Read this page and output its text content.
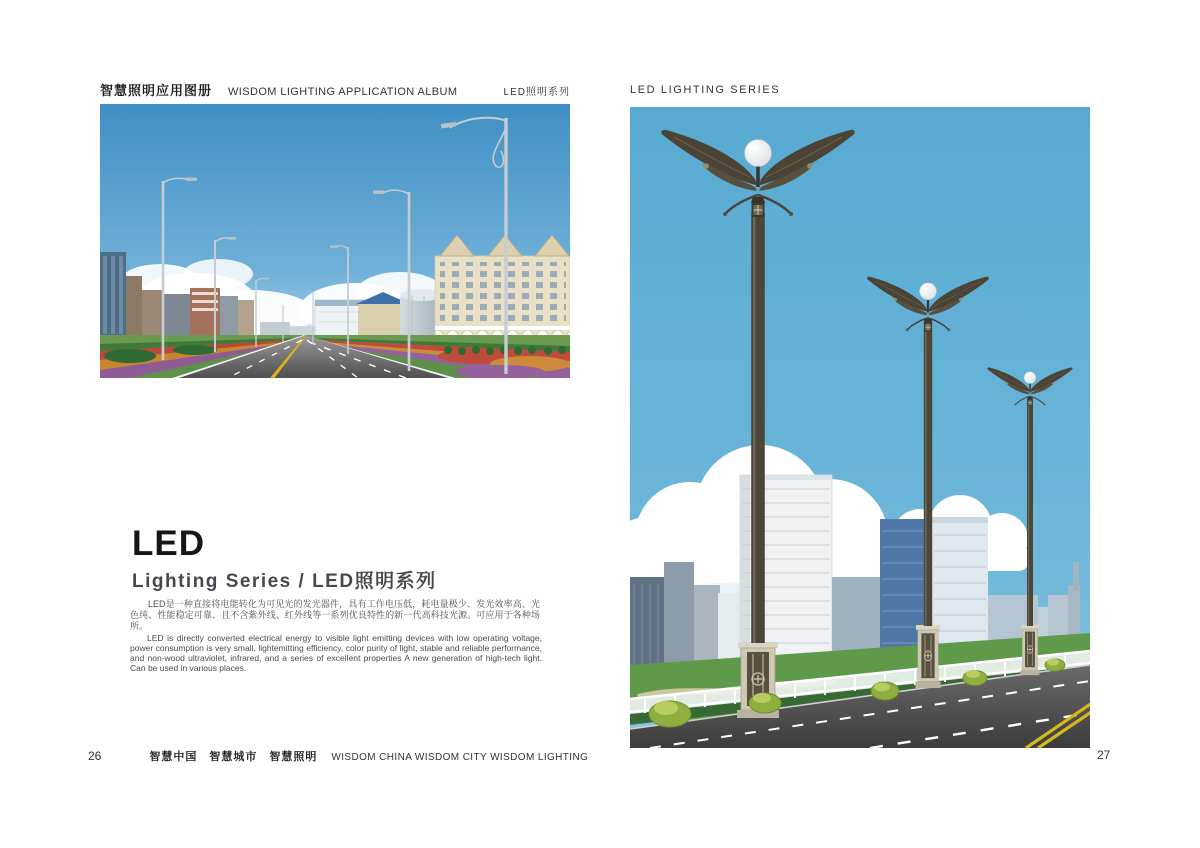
智慧照明应用图册 WISDOM LIGHTING APPLICATION ALBUM	LED照明系列	LED LIGHTING SERIES
LED
Lighting Series / LED照明系列
LED是一种直接将电能转化为可见光的发光器件，具有工作电压低，耗电量极少、发光效率高、光色纯、性能稳定可靠、且不含紫外线、红外线等一系列优良特性的新一代高科技光源。可应用于各种场所。
LED is directly converted electrical energy to visible light emitting devices with low operating voltage, power consumption is very small, lightemitting efficiency, color purity of light, stable and reliable performance, and non-wood ultraviolet, infrared, and a series of excellent properties A new generation of high-tech light. Can be used in various places.
26	智慧中国　智慧城市　智慧照明 WISDOM CHINA WISDOM CITY WISDOM LIGHTING	27
